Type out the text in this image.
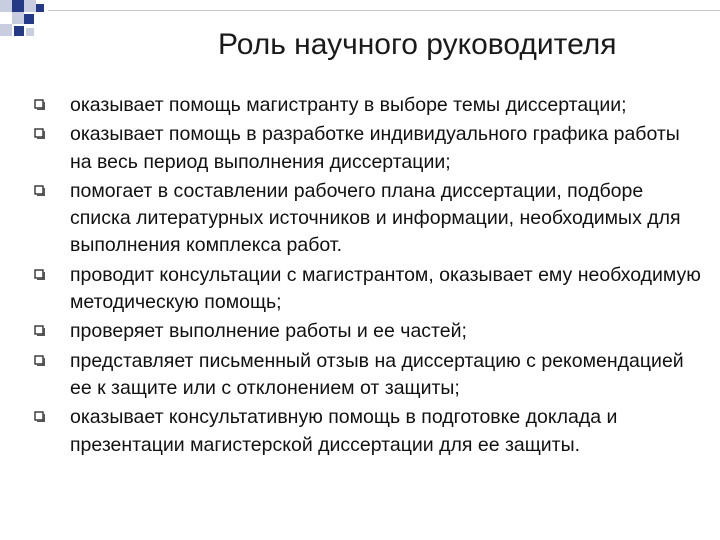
Роль научного руководителя
оказывает помощь магистранту в выборе темы диссертации;
оказывает помощь в разработке индивидуального графика работы на весь период выполнения диссертации;
помогает в составлении рабочего плана диссертации, подборе списка литературных источников и информации, необходимых для выполнения комплекса работ.
проводит консультации с магистрантом, оказывает ему необходимую методическую помощь;
проверяет выполнение работы и ее частей;
представляет письменный отзыв на диссертацию с рекомендацией ее к защите или с отклонением от защиты;
оказывает консультативную помощь в подготовке доклада и презентации магистерской диссертации для ее защиты.
